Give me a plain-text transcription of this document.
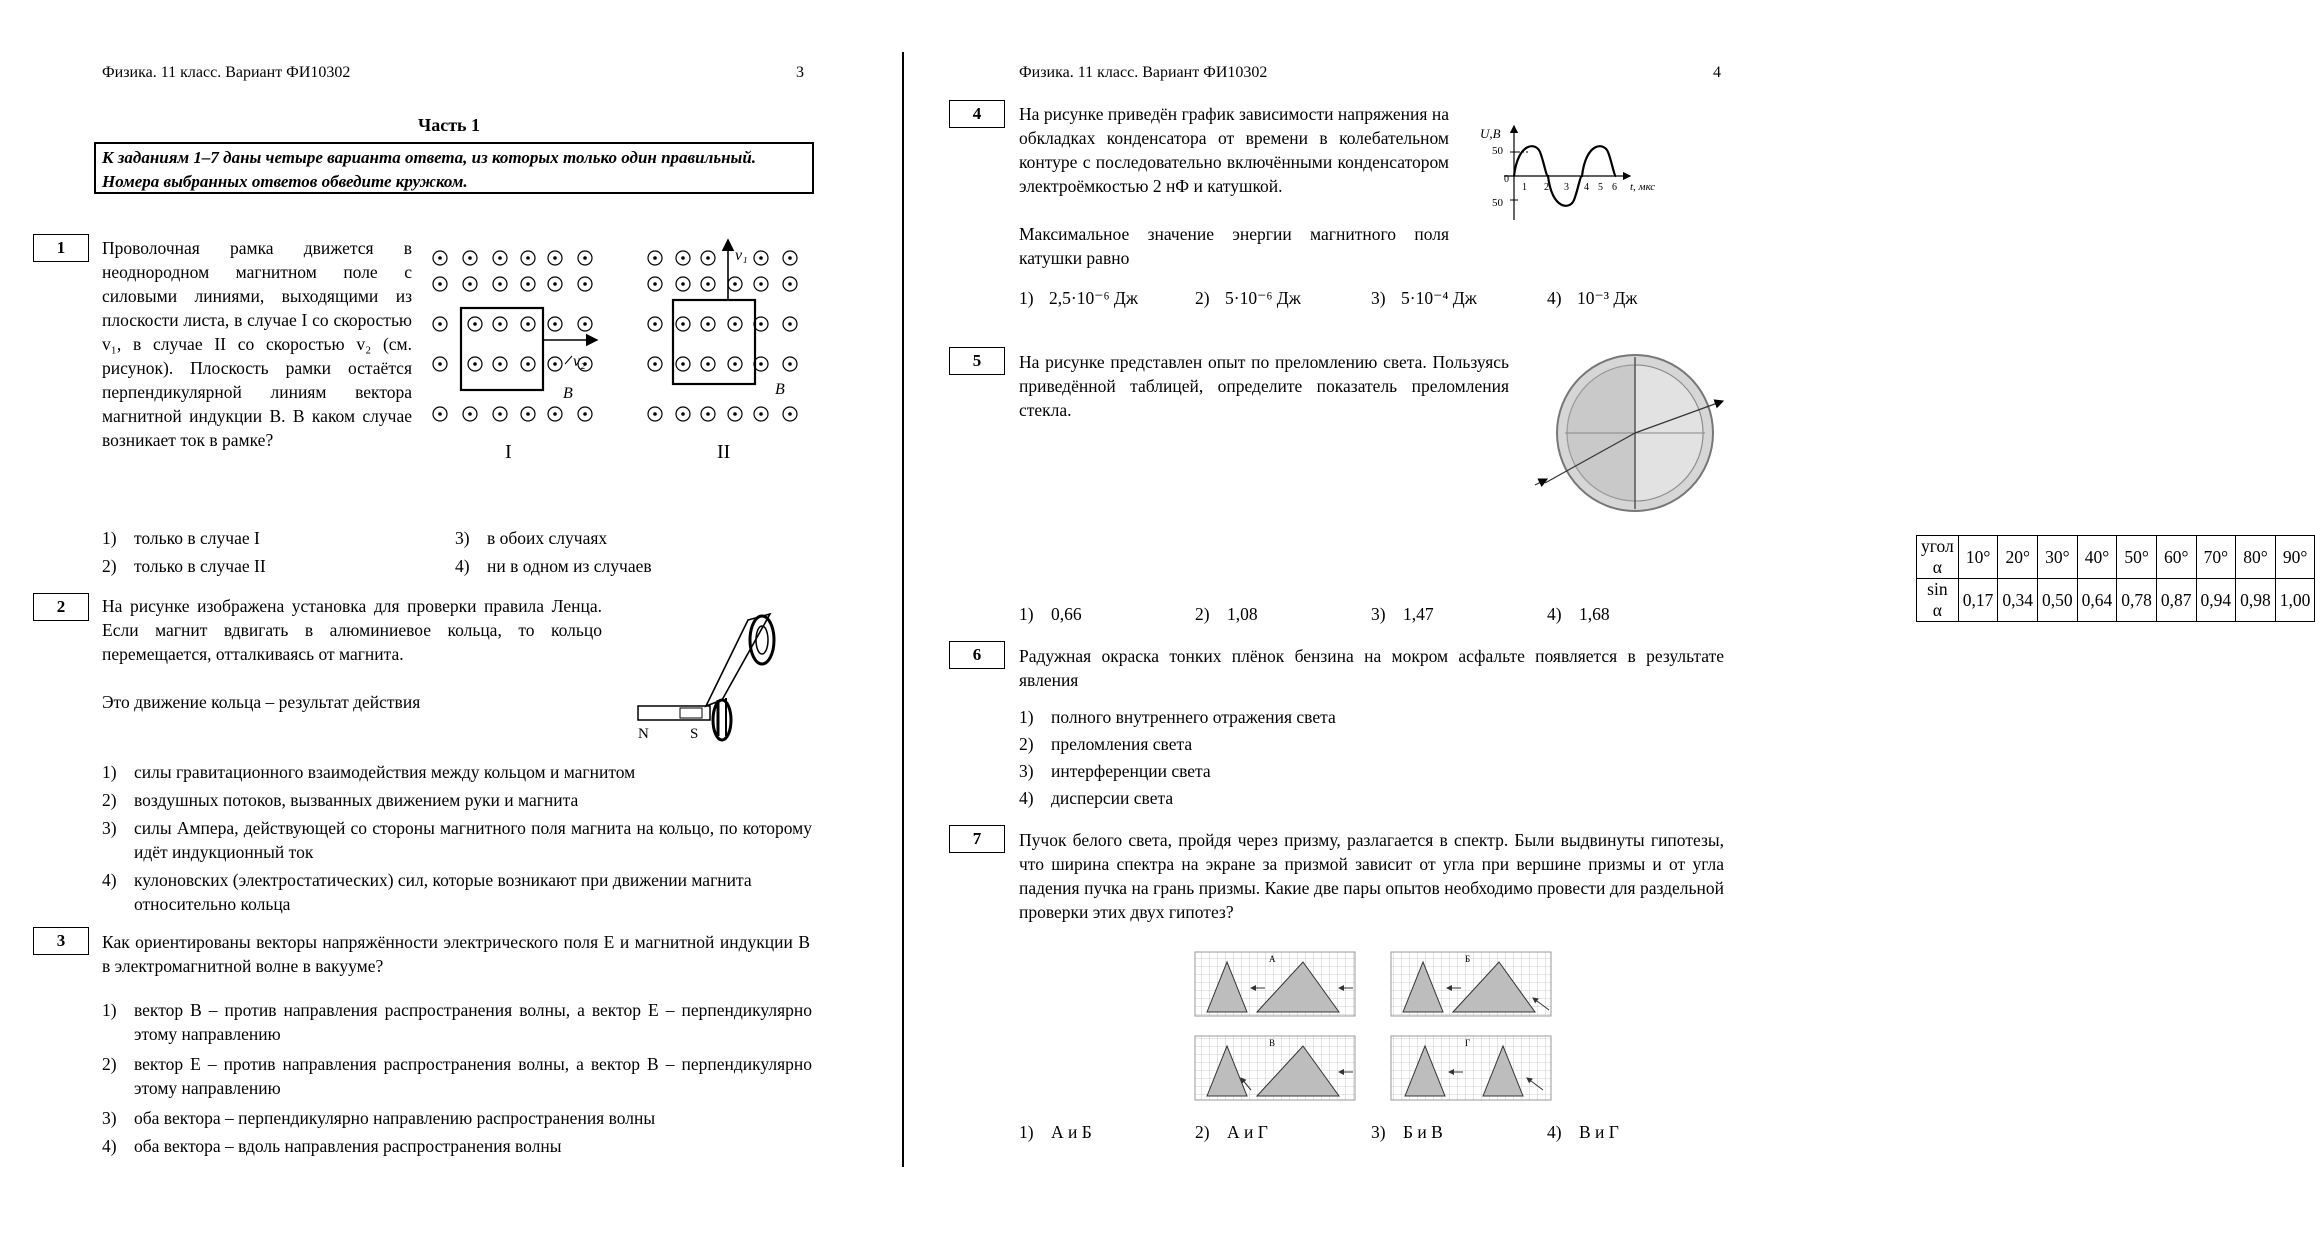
Физика. 11 класс. Вариант ФИ10302	3
Часть 1
К заданиям 1–7 даны четыре варианта ответа, из которых только один правильный. Номера выбранных ответов обведите кружком.
1	Проволочная рамка движется в неоднородном магнитном поле с силовыми линиями, выходящими из плоскости листа, в случае I со скоростью v₁, в случае II со скоростью v₂ (см. рисунок). Плоскость рамки остаётся перпендикулярной линиям вектора магнитной индукции B. В каком случае возникает ток в рамке?
v₂
B
I
v₁
B
II
1) только в случае I
2) только в случае II
3) в обоих случаях
4) ни в одном из случаев
2	На рисунке изображена установка для проверки правила Ленца. Если магнит вдвигать в алюминиевое кольца, то кольцо перемещается, отталкиваясь от магнита.
Это движение кольца – результат действия
N	S
1) силы гравитационного взаимодействия между кольцом и магнитом
2) воздушных потоков, вызванных движением руки и магнита
3) силы Ампера, действующей со стороны магнитного поля магнита на кольцо, по которому идёт индукционный ток
4) кулоновских (электростатических) сил, которые возникают при движении магнита относительно кольца
3	Как ориентированы векторы напряжённости электрического поля E и магнитной индукции B в электромагнитной волне в вакууме?
1) вектор B – против направления распространения волны, а вектор E – перпендикулярно этому направлению
2) вектор E – против направления распространения волны, а вектор B – перпендикулярно этому направлению
3) оба вектора – перпендикулярно направлению распространения волны
4) оба вектора – вдоль направления распространения волны
Физика. 11 класс. Вариант ФИ10302	4
4	На рисунке приведён график зависимости напряжения на обкладках конденсатора от времени в колебательном контуре с последовательно включёнными конденсатором электроёмкостью 2 нФ и катушкой.
Максимальное значение энергии магнитного поля катушки равно
U,В
50
0
50
1 2 3 4 5 6 t, мкс
1) 2,5·10⁻⁶ Дж	2) 5·10⁻⁶ Дж	3) 5·10⁻⁴ Дж	4) 10⁻³ Дж
5	На рисунке представлен опыт по преломлению света. Пользуясь приведённой таблицей, определите показатель преломления стекла.
угол α	10°	20°	30°	40°	50°	60°	70°	80°	90°
sin α	0,17	0,34	0,50	0,64	0,78	0,87	0,94	0,98	1,00
1) 0,66	2) 1,08	3) 1,47	4) 1,68
6	Радужная окраска тонких плёнок бензина на мокром асфальте появляется в результате явления
1) полного внутреннего отражения света
2) преломления света
3) интерференции света
4) дисперсии света
7	Пучок белого света, пройдя через призму, разлагается в спектр. Были выдвинуты гипотезы, что ширина спектра на экране за призмой зависит от угла при вершине призмы и от угла падения пучка на грань призмы. Какие две пары опытов необходимо провести для раздельной проверки этих двух гипотез?
А	Б
В	Г
1) А и Б	2) А и Г	3) Б и В	4) В и Г
